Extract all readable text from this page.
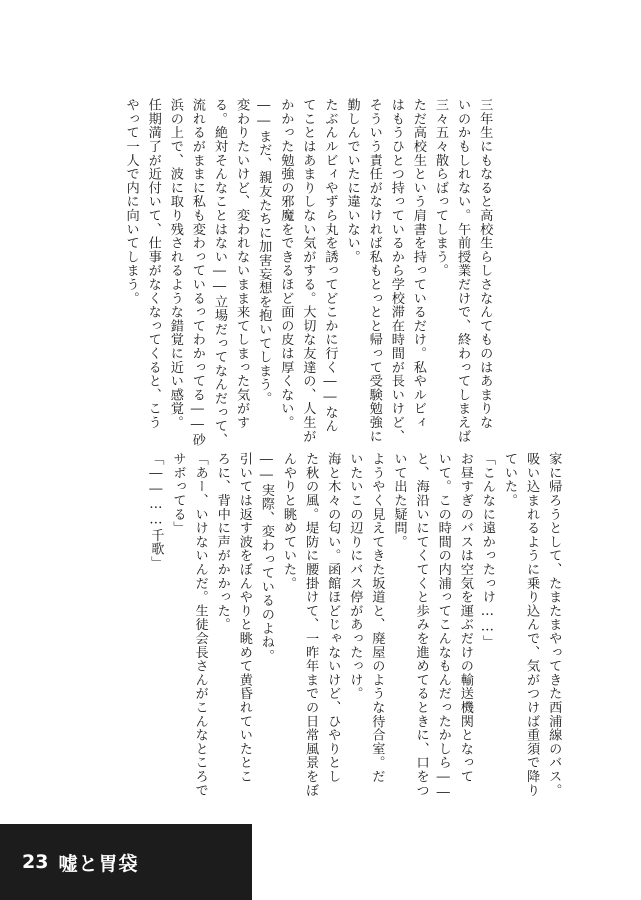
三年生にもなると高校生らしさなんてものはあまりな
いのかもしれない。午前授業だけで、終わってしまえば
三々五々散らばってしまう。
ただ高校生という肩書を持っているだけ。私やルビィ
はもうひとつ持っているから学校滞在時間が長いけど、
そういう責任がなければ私もとっとと帰って受験勉強に
勤しんでいたに違いない。
たぶんルビィやずら丸を誘ってどこかに行く――なん
てことはあまりしない気がする。大切な友達の、人生が
かかった勉強の邪魔をできるほど面の皮は厚くない。
――まだ、親友たちに加害妄想を抱いてしまう。
変わりたいけど、変われないまま来てしまった気がす
る。絶対そんなことはない――立場だってなんだって、
流れるがままに私も変わっているってわかってる――砂
浜の上で、波に取り残されるような錯覚に近い感覚。
任期満了が近付いて、仕事がなくなってくると、こう
やって一人で内に向いてしまう。
家に帰ろうとして、たまたまやってきた西浦線のバス。
吸い込まれるように乗り込んで、気がつけば重須で降り
ていた。
「こんなに遠かったっけ……」
お昼すぎのバスは空気を運ぶだけの輸送機関となって
いて。この時間の内浦ってこんなもんだったかしら――
と、海沿いにてくてくと歩みを進めてるときに、口をつ
いて出た疑問。
ようやく見えてきた坂道と、廃屋のような待合室。だ
いたいこの辺りにバス停があったっけ。
海と木々の匂い。函館ほどじゃないけど、ひやりとし
た秋の風。堤防に腰掛けて、一昨年までの日常風景をぼ
んやりと眺めていた。
――実際、変わっているのよね。
引いては返す波をぼんやりと眺めて黄昏れていたとこ
ろに、背中に声がかかった。
「あー、いけないんだ。生徒会長さんがこんなところで
サボってる」
「――……千歌」
23 嘘と胃袋
